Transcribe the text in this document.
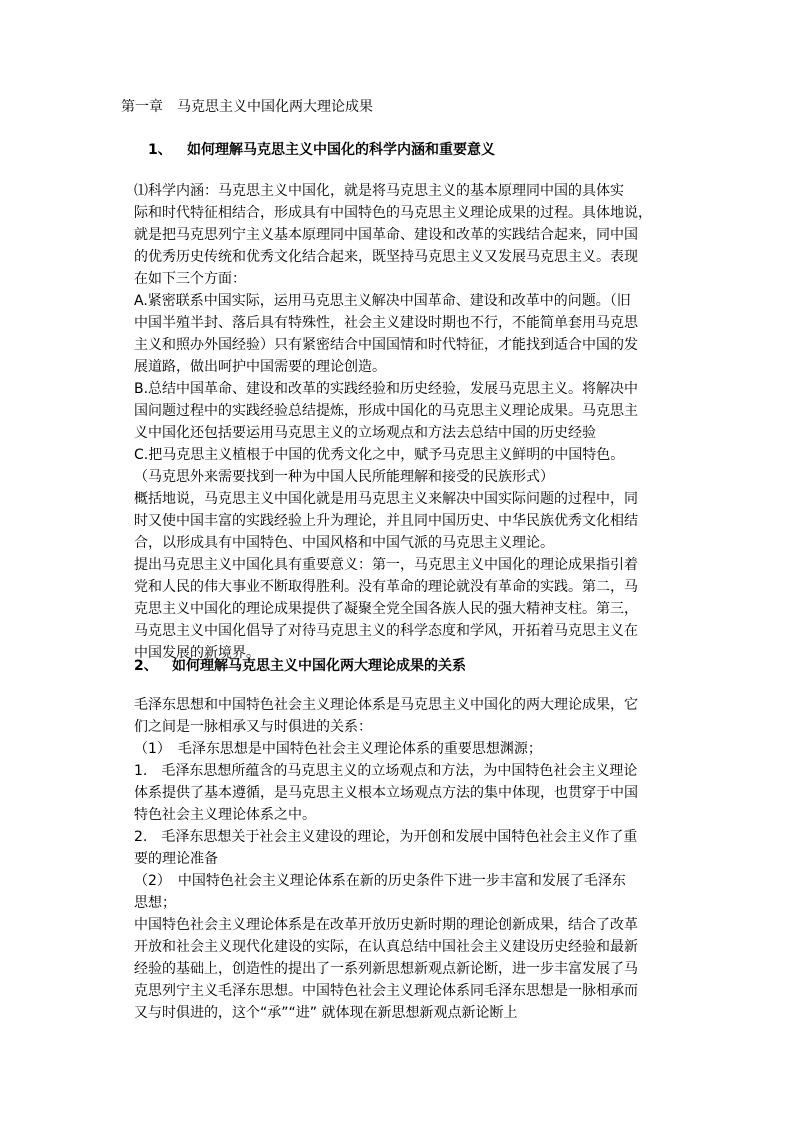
第一章　马克思主义中国化两大理论成果
1、 如何理解马克思主义中国化的科学内涵和重要意义
⑴科学内涵：马克思主义中国化，就是将马克思主义的基本原理同中国的具体实
际和时代特征相结合，形成具有中国特色的马克思主义理论成果的过程。具体地说，
就是把马克思列宁主义基本原理同中国革命、建设和改革的实践结合起来，同中国
的优秀历史传统和优秀文化结合起来，既坚持马克思主义又发展马克思主义。表现
在如下三个方面：
A.紧密联系中国实际，运用马克思主义解决中国革命、建设和改革中的问题。（旧
中国半殖半封、落后具有特殊性，社会主义建设时期也不行，不能简单套用马克思
主义和照办外国经验）只有紧密结合中国国情和时代特征，才能找到适合中国的发
展道路，做出呵护中国需要的理论创造。
B.总结中国革命、建设和改革的实践经验和历史经验，发展马克思主义。将解决中
国问题过程中的实践经验总结提炼，形成中国化的马克思主义理论成果。马克思主
义中国化还包括要运用马克思主义的立场观点和方法去总结中国的历史经验
C.把马克思主义植根于中国的优秀文化之中，赋予马克思主义鲜明的中国特色。
（马克思外来需要找到一种为中国人民所能理解和接受的民族形式）
概括地说，马克思主义中国化就是用马克思主义来解决中国实际问题的过程中，同
时又使中国丰富的实践经验上升为理论，并且同中国历史、中华民族优秀文化相结
合，以形成具有中国特色、中国风格和中国气派的马克思主义理论。
提出马克思主义中国化具有重要意义：第一，马克思主义中国化的理论成果指引着
党和人民的伟大事业不断取得胜利。没有革命的理论就没有革命的实践。第二，马
克思主义中国化的理论成果提供了凝聚全党全国各族人民的强大精神支柱。第三，
马克思主义中国化倡导了对待马克思主义的科学态度和学风，开拓着马克思主义在
中国发展的新境界。
2、 如何理解马克思主义中国化两大理论成果的关系
毛泽东思想和中国特色社会主义理论体系是马克思主义中国化的两大理论成果，它
们之间是一脉相承又与时俱进的关系：
（1）　毛泽东思想是中国特色社会主义理论体系的重要思想渊源；
1.　毛泽东思想所蕴含的马克思主义的立场观点和方法，为中国特色社会主义理论
体系提供了基本遵循，是马克思主义根本立场观点方法的集中体现，也贯穿于中国
特色社会主义理论体系之中。
2.　毛泽东思想关于社会主义建设的理论，为开创和发展中国特色社会主义作了重
要的理论准备
（2）　中国特色社会主义理论体系在新的历史条件下进一步丰富和发展了毛泽东
思想；
中国特色社会主义理论体系是在改革开放历史新时期的理论创新成果，结合了改革
开放和社会主义现代化建设的实际，在认真总结中国社会主义建设历史经验和最新
经验的基础上，创造性的提出了一系列新思想新观点新论断，进一步丰富发展了马
克思列宁主义毛泽东思想。中国特色社会主义理论体系同毛泽东思想是一脉相承而
又与时俱进的，这个“承”“进” 就体现在新思想新观点新论断上
